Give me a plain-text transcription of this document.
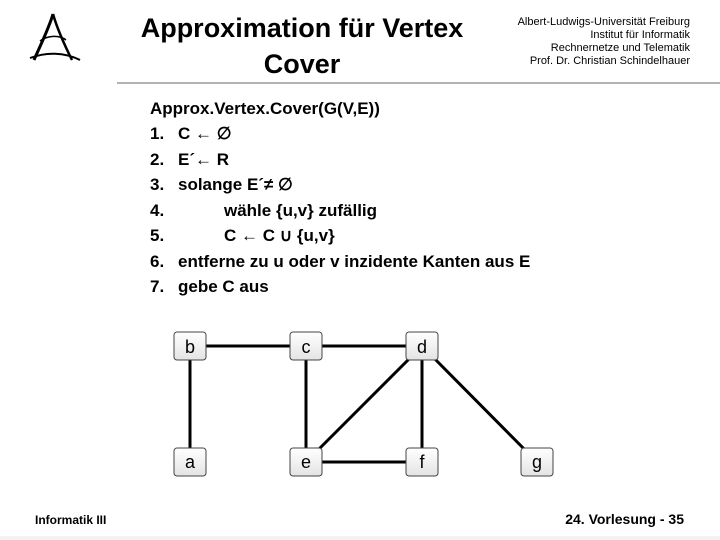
Approximation für Vertex
Cover
Albert-Ludwigs-Universität Freiburg
Institut für Informatik
Rechnernetze und Telematik
Prof. Dr. Christian Schindelhauer
Approx.Vertex.Cover(G(V,E))
1. C ← ∅
2. E´← R
3. solange E´≠ ∅
4.	wähle {u,v} zufällig
5.	C ← C ∪ {u,v}
6. entferne zu u oder v inzidente Kanten aus E
7. gebe C aus
b	c	d
a	e	f	g
Informatik III	24. Vorlesung - 35
